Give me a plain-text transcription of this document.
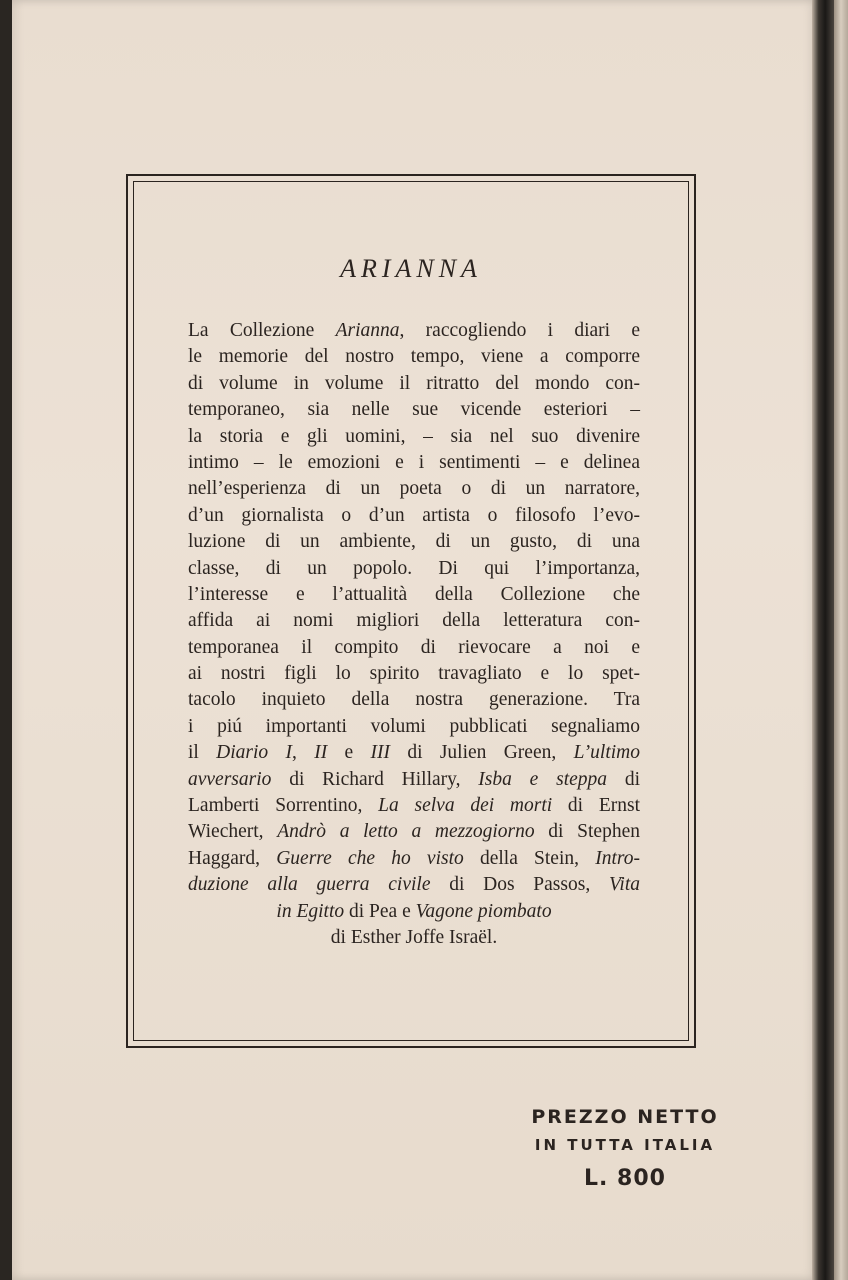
ARIANNA
La Collezione Arianna, raccogliendo i diari e
le memorie del nostro tempo, viene a comporre
di volume in volume il ritratto del mondo con-
temporaneo, sia nelle sue vicende esteriori –
la storia e gli uomini, – sia nel suo divenire
intimo – le emozioni e i sentimenti – e delinea
nell’esperienza di un poeta o di un narratore,
d’un giornalista o d’un artista o filosofo l’evo-
luzione di un ambiente, di un gusto, di una
classe, di un popolo. Di qui l’importanza,
l’interesse e l’attualità della Collezione che
affida ai nomi migliori della letteratura con-
temporanea il compito di rievocare a noi e
ai nostri figli lo spirito travagliato e lo spet-
tacolo inquieto della nostra generazione. Tra
i piú importanti volumi pubblicati segnaliamo
il Diario I, II e III di Julien Green, L’ultimo
avversario di Richard Hillary, Isba e steppa di
Lamberti Sorrentino, La selva dei morti di Ernst
Wiechert, Andrò a letto a mezzogiorno di Stephen
Haggard, Guerre che ho visto della Stein, Intro-
duzione alla guerra civile di Dos Passos, Vita
in Egitto di Pea e Vagone piombato
di Esther Joffe Israël.
PREZZO NETTO
IN TUTTA ITALIA
L. 800
